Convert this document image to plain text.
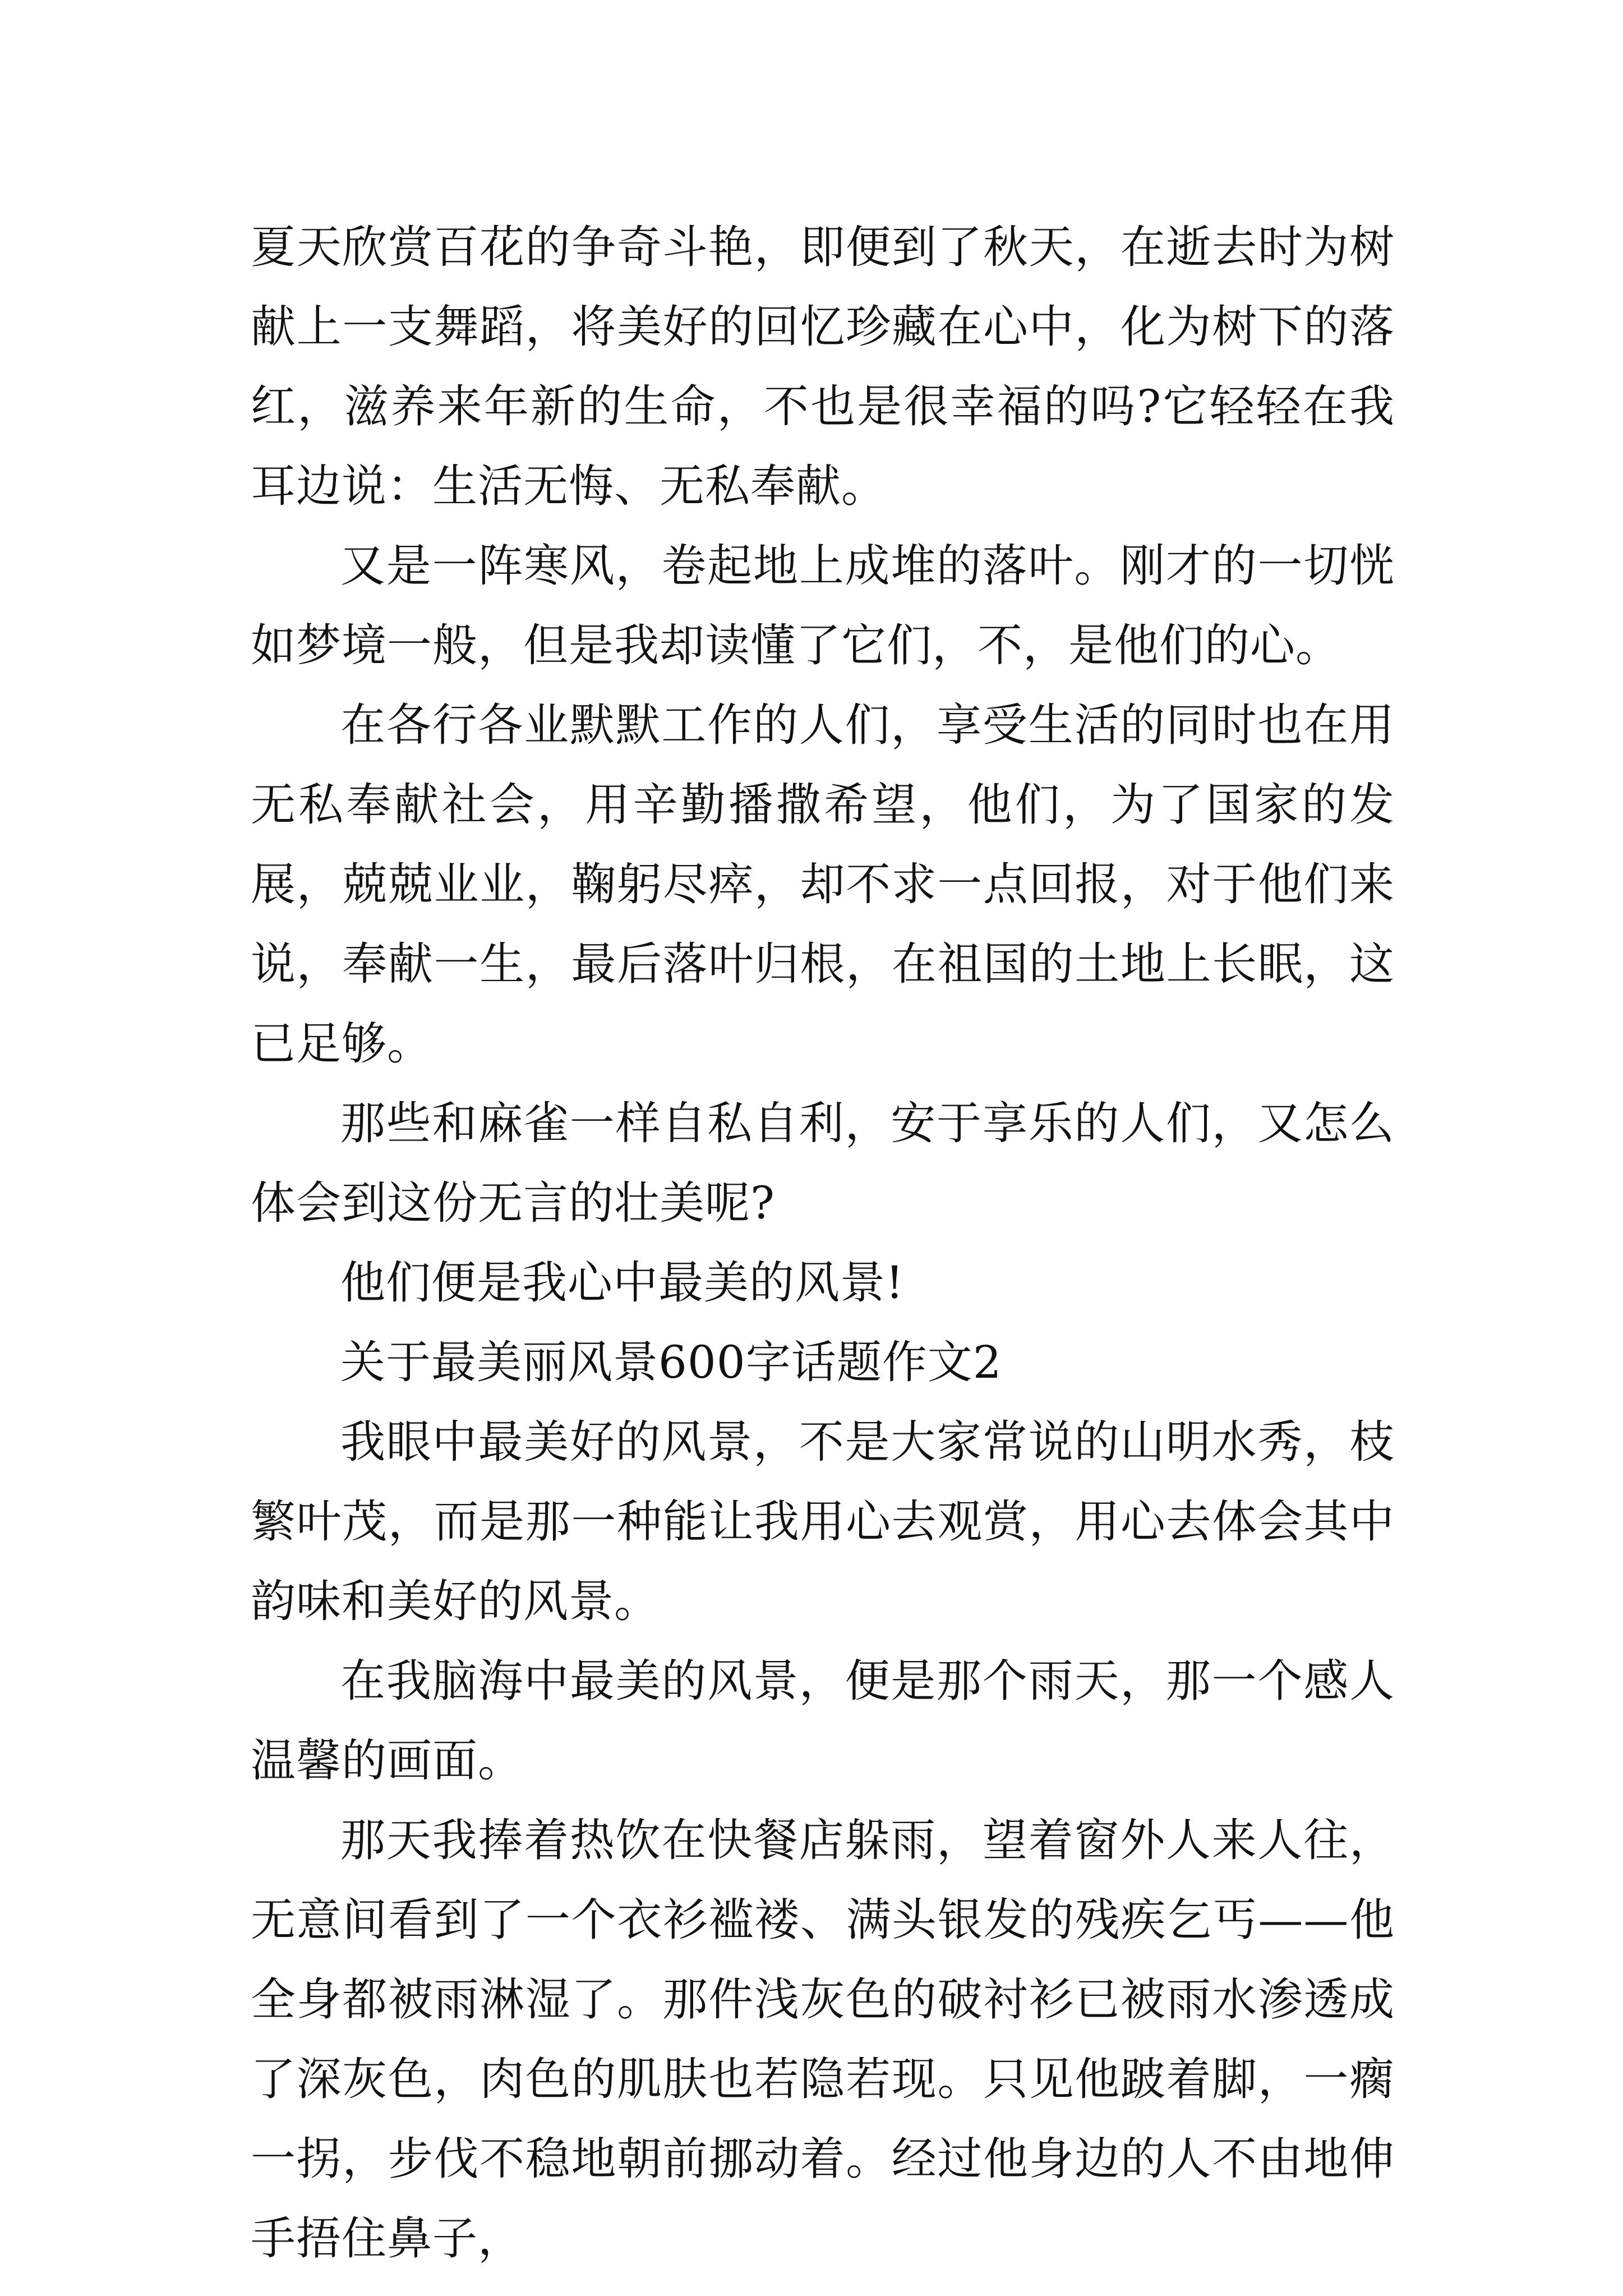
夏天欣赏百花的争奇斗艳，即便到了秋天，在逝去时为树献上一支舞蹈，将美好的回忆珍藏在心中，化为树下的落红，滋养来年新的生命，不也是很幸福的吗?它轻轻在我耳边说：生活无悔、无私奉献。

又是一阵寒风，卷起地上成堆的落叶。刚才的一切恍如梦境一般，但是我却读懂了它们，不，是他们的心。

在各行各业默默工作的人们，享受生活的同时也在用无私奉献社会，用辛勤播撒希望，他们，为了国家的发展，兢兢业业，鞠躬尽瘁，却不求一点回报，对于他们来说，奉献一生，最后落叶归根，在祖国的土地上长眠，这已足够。

那些和麻雀一样自私自利，安于享乐的人们，又怎么体会到这份无言的壮美呢?

他们便是我心中最美的风景!

关于最美丽风景600字话题作文2

我眼中最美好的风景，不是大家常说的山明水秀，枝繁叶茂，而是那一种能让我用心去观赏，用心去体会其中韵味和美好的风景。

在我脑海中最美的风景，便是那个雨天，那一个感人温馨的画面。

那天我捧着热饮在快餐店躲雨，望着窗外人来人往，无意间看到了一个衣衫褴褛、满头银发的残疾乞丐——他全身都被雨淋湿了。那件浅灰色的破衬衫已被雨水渗透成了深灰色，肉色的肌肤也若隐若现。只见他跛着脚，一瘸一拐，步伐不稳地朝前挪动着。经过他身边的人不由地伸手捂住鼻子，
